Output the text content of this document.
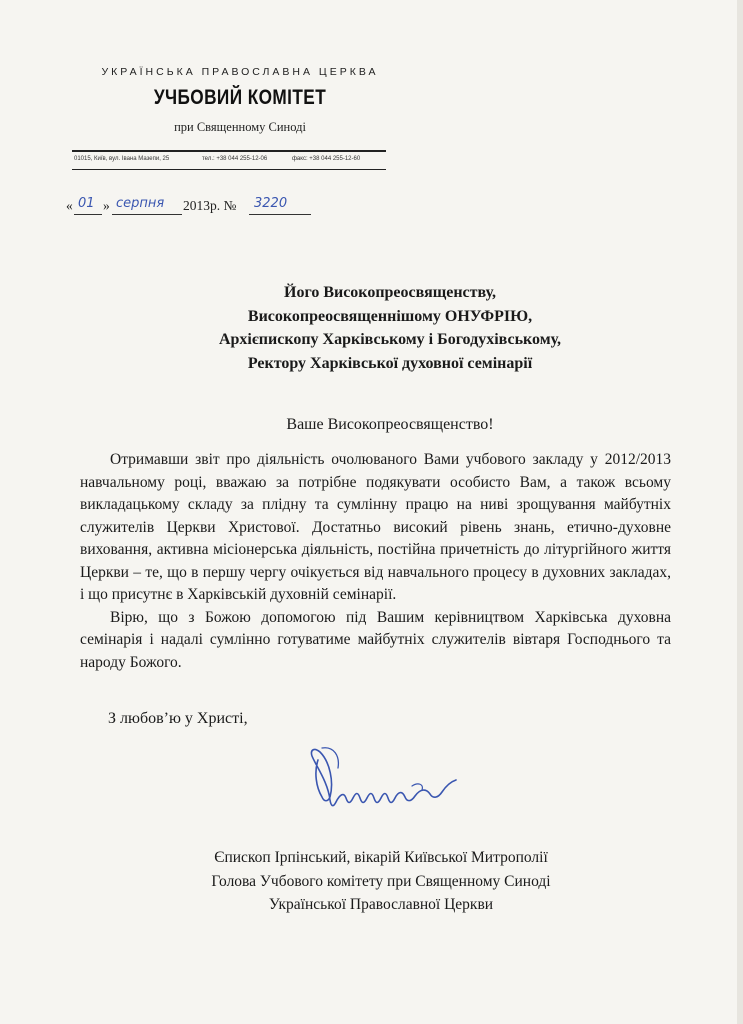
УКРАЇНСЬКА ПРАВОСЛАВНА ЦЕРКВА
УЧБОВИЙ КОМІТЕТ
при Священному Синоді
01015, Київ, вул. Івана Мазепи, 25	тел.: +38 044 255-12-06	факс: +38 044 255-12-60
« 01 » серпня 2013р. № 3220
Його Високопреосвященству,
Високопреосвященнішому ОНУФРІЮ,
Архієпископу Харківському і Богодухівському,
Ректору Харківської духовної семінарії
Ваше Високопреосвященство!

Отримавши звіт про діяльність очолюваного Вами учбового закладу у 2012/2013 навчальному році, вважаю за потрібне подякувати особисто Вам, а також всьому викладацькому складу за плідну та сумлінну працю на ниві зрощування майбутніх служителів Церкви Христової. Достатньо високий рівень знань, етично-духовне виховання, активна місіонерська діяльність, постійна причетність до літургійного життя Церкви – те, що в першу чергу очікується від навчального процесу в духовних закладах, і що присутнє в Харківській духовній семінарії.

Вірю, що з Божою допомогою під Вашим керівництвом Харківська духовна семінарія і надалі сумлінно готуватиме майбутніх служителів вівтаря Господнього та народу Божого.

З любов’ю у Христі,
Єпископ Ірпінський, вікарій Київської Митрополії
Голова Учбового комітету при Священному Синоді
Української Православної Церкви
